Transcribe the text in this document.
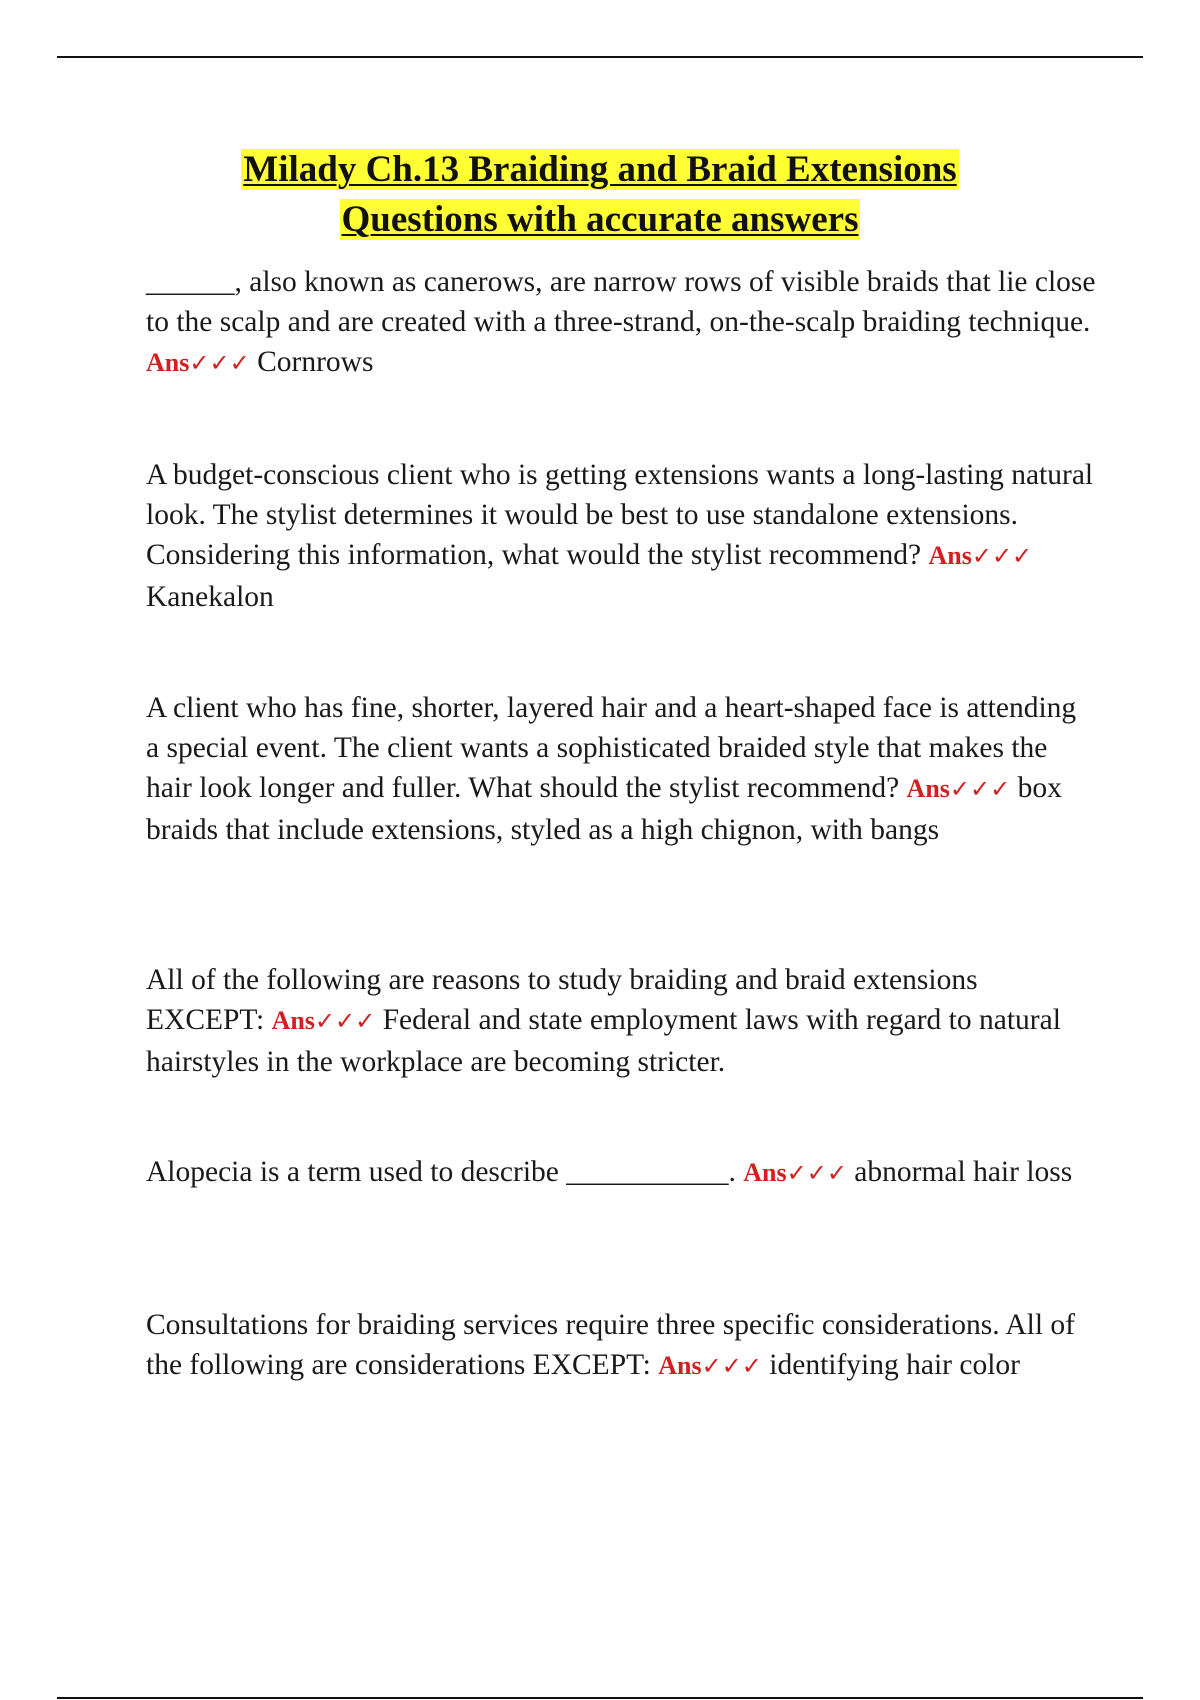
Milady Ch.13 Braiding and Braid Extensions
Questions with accurate answers
______, also known as canerows, are narrow rows of visible braids that lie close to the scalp and are created with a three-strand, on-the-scalp braiding technique. Ans✓✓✓ Cornrows
A budget-conscious client who is getting extensions wants a long-lasting natural look. The stylist determines it would be best to use standalone extensions. Considering this information, what would the stylist recommend? Ans✓✓✓ Kanekalon
A client who has fine, shorter, layered hair and a heart-shaped face is attending a special event. The client wants a sophisticated braided style that makes the hair look longer and fuller. What should the stylist recommend? Ans✓✓✓ box braids that include extensions, styled as a high chignon, with bangs
All of the following are reasons to study braiding and braid extensions EXCEPT: Ans✓✓✓ Federal and state employment laws with regard to natural hairstyles in the workplace are becoming stricter.
Alopecia is a term used to describe ___________. Ans✓✓✓ abnormal hair loss
Consultations for braiding services require three specific considerations. All of the following are considerations EXCEPT: Ans✓✓✓ identifying hair color
